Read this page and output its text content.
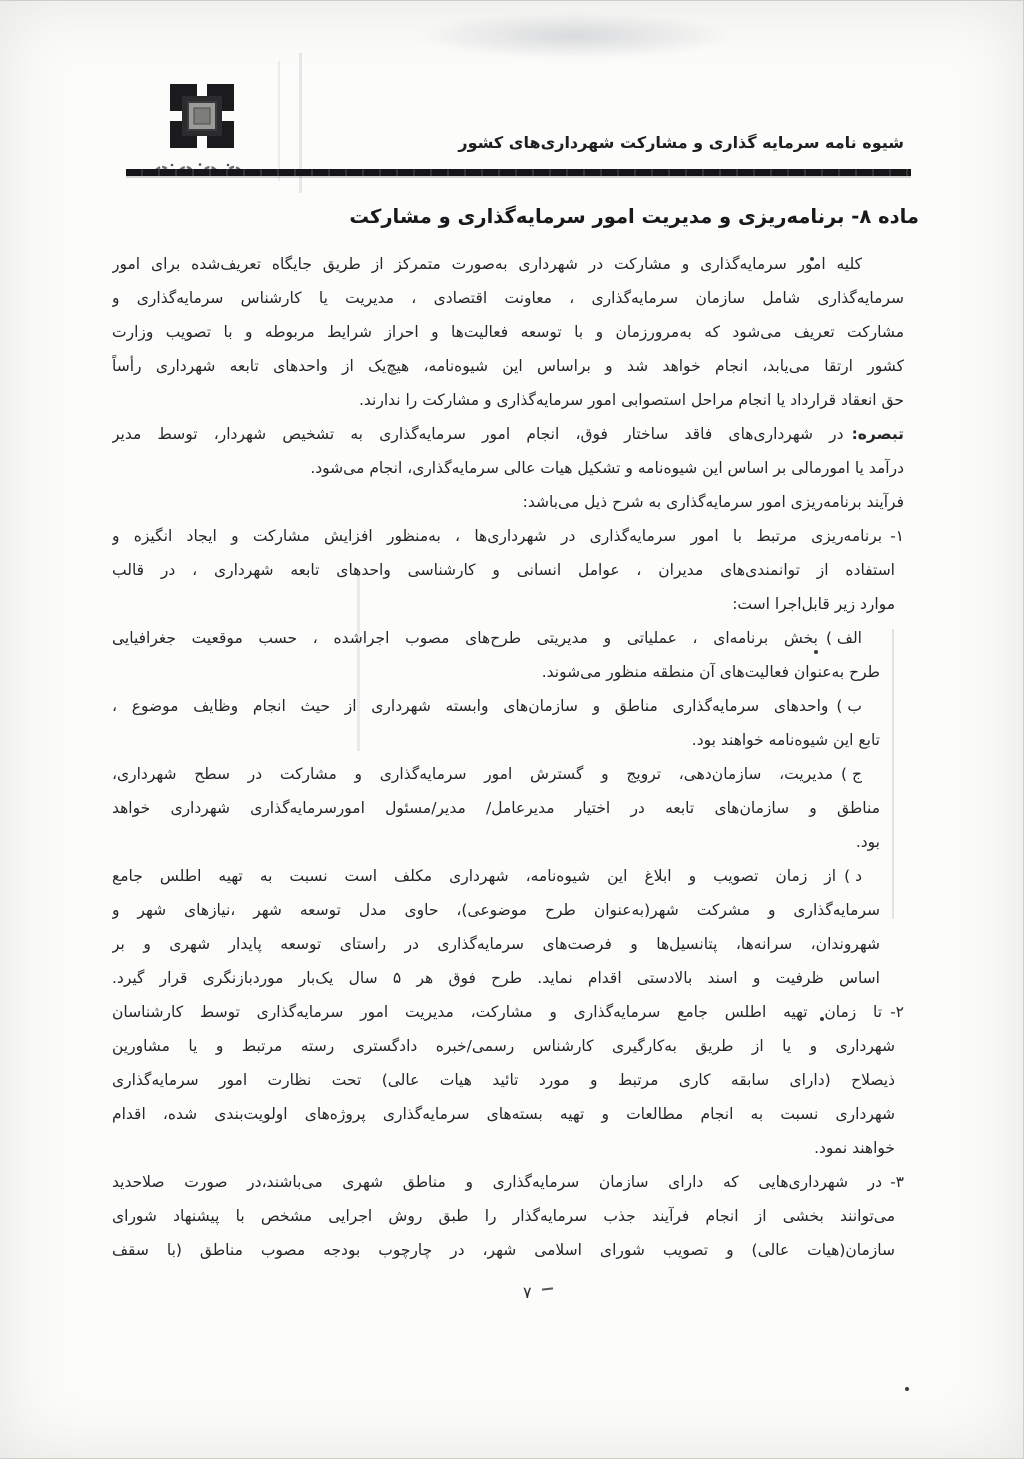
شیوه نامه سرمایه گذاری و مشارکت شهرداری‌های کشور
ماده ۸- برنامه‌ریزی و مدیریت امور سرمایه‌گذاری و مشارکت
کلیه امور سرمایه‌گذاری و مشارکت در شهرداری به‌صورت متمرکز از طریق جایگاه تعریف‌شده برای امور
سرمایه‌گذاری شامل سازمان سرمایه‌گذاری ، معاونت اقتصادی ، مدیریت یا کارشناس سرمایه‌گذاری و
مشارکت تعریف می‌شود که به‌مرورزمان و با توسعه فعالیت‌ها و احراز شرایط مربوطه و با تصویب وزارت
کشور ارتقا می‌یابد، انجام خواهد شد و براساس این شیوه‌نامه، هیچ‌یک از واحدهای تابعه شهرداری رأساً
حق انعقاد قرارداد یا انجام مراحل استصوابی امور سرمایه‌گذاری و مشارکت را ندارند.
تبصره:
در شهرداری‌های فاقد ساختار فوق، انجام امور سرمایه‌گذاری به تشخیص شهردار، توسط مدیر
درآمد یا امورمالی بر اساس این شیوه‌نامه و تشکیل هیات عالی سرمایه‌گذاری، انجام می‌شود.
فرآیند برنامه‌ریزی امور سرمایه‌گذاری به شرح ذیل می‌باشد:
۱-
برنامه‌ریزی مرتبط با امور سرمایه‌گذاری در شهرداری‌ها ، به‌منظور افزایش مشارکت و ایجاد انگیزه و
استفاده از توانمندی‌های مدیران ، عوامل انسانی و کارشناسی واحدهای تابعه شهرداری ، در قالب
موارد زیر قابل‌اجرا است:
الف )
بخش برنامه‌ای ، عملیاتی و مدیریتی طرح‌های مصوب اجراشده ، حسب موقعیت جغرافیایی
طرح به‌عنوان فعالیت‌های آن منطقه منظور می‌شوند.
ب )
واحدهای سرمایه‌گذاری مناطق و سازمان‌های وابسته شهرداری از حیث انجام وظایف موضوع ،
تابع این شیوه‌نامه خواهند بود.
ج )
مدیریت، سازمان‌دهی، ترویج و گسترش امور سرمایه‌گذاری و مشارکت در سطح شهرداری،
مناطق و سازمان‌های تابعه در اختیار مدیرعامل/ مدیر/مسئول امورسرمایه‌گذاری شهرداری خواهد
بود.
د )
از زمان تصویب و ابلاغ این شیوه‌نامه، شهرداری مکلف است نسبت به تهیه اطلس جامع
سرمایه‌گذاری و مشرکت شهر(به‌عنوان طرح موضوعی)، حاوی مدل توسعه شهر ،نیازهای شهر و
شهروندان، سرانه‌ها، پتانسیل‌ها و فرصت‌های سرمایه‌گذاری در راستای توسعه پایدار شهری و بر
اساس ظرفیت و اسند بالادستی اقدام نماید. طرح فوق هر ۵ سال یک‌بار موردبازنگری قرار گیرد.
۲-
تا زمان تهیه اطلس جامع سرمایه‌گذاری و مشارکت، مدیریت امور سرمایه‌گذاری توسط کارشناسان
شهرداری و یا از طریق به‌کارگیری کارشناس رسمی/خبره دادگستری رسته مرتبط و یا مشاورین
ذیصلاح (دارای سابقه کاری مرتبط و مورد تائید هیات عالی) تحت نظارت امور سرمایه‌گذاری
شهرداری نسبت به انجام مطالعات و تهیه بسته‌های سرمایه‌گذاری پروژه‌های اولویت‌بندی شده، اقدام
خواهند نمود.
۳-
در شهرداری‌هایی که دارای سازمان سرمایه‌گذاری و مناطق شهری می‌باشند،در صورت صلاحدید
می‌توانند بخشی از انجام فرآیند جذب سرمایه‌گذار را طبق روش اجرایی مشخص با پیشنهاد شورای
سازمان(هیات عالی) و تصویب شورای اسلامی شهر، در چارچوب بودجه مصوب مناطق (با سقف
۷
